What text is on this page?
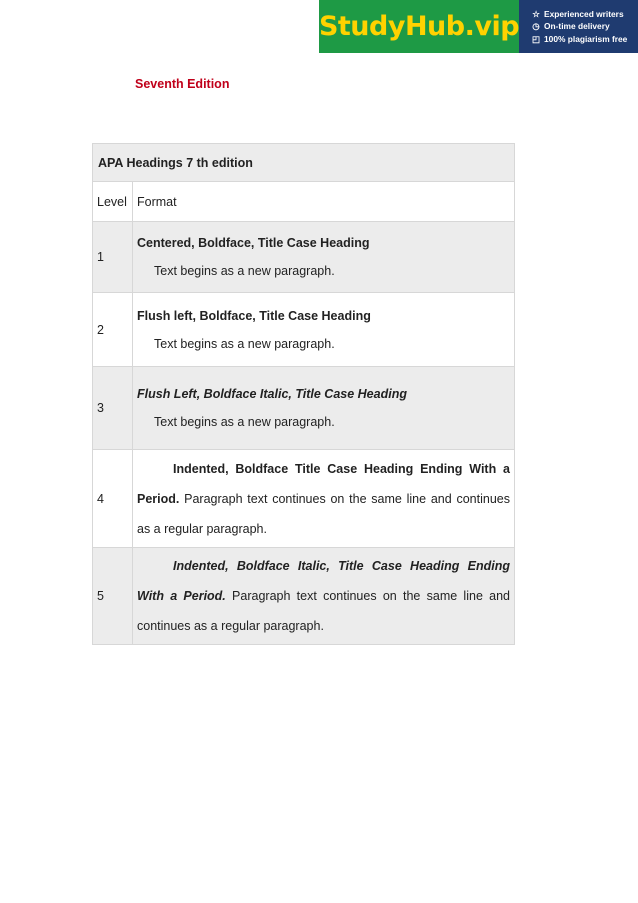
StudyHub.vip ☆ Experienced writers
◷ On-time delivery
◰ 100% plagiarism free
Seventh Edition
APA Headings 7 th edition	
Level	Format
1	Centered, Boldface, Title Case Heading
Text begins as a new paragraph.

2	Flush left, Boldface, Title Case Heading
Text begins as a new paragraph.

3	Flush Left, Boldface Italic, Title Case Heading
Text begins as a new paragraph.

4	Indented, Boldface Title Case Heading Ending With a Period. Paragraph text continues on the same line and continues as a regular paragraph.

5	Indented, Boldface Italic, Title Case Heading Ending With a Period. Paragraph text continues on the same line and continues as a regular paragraph.
